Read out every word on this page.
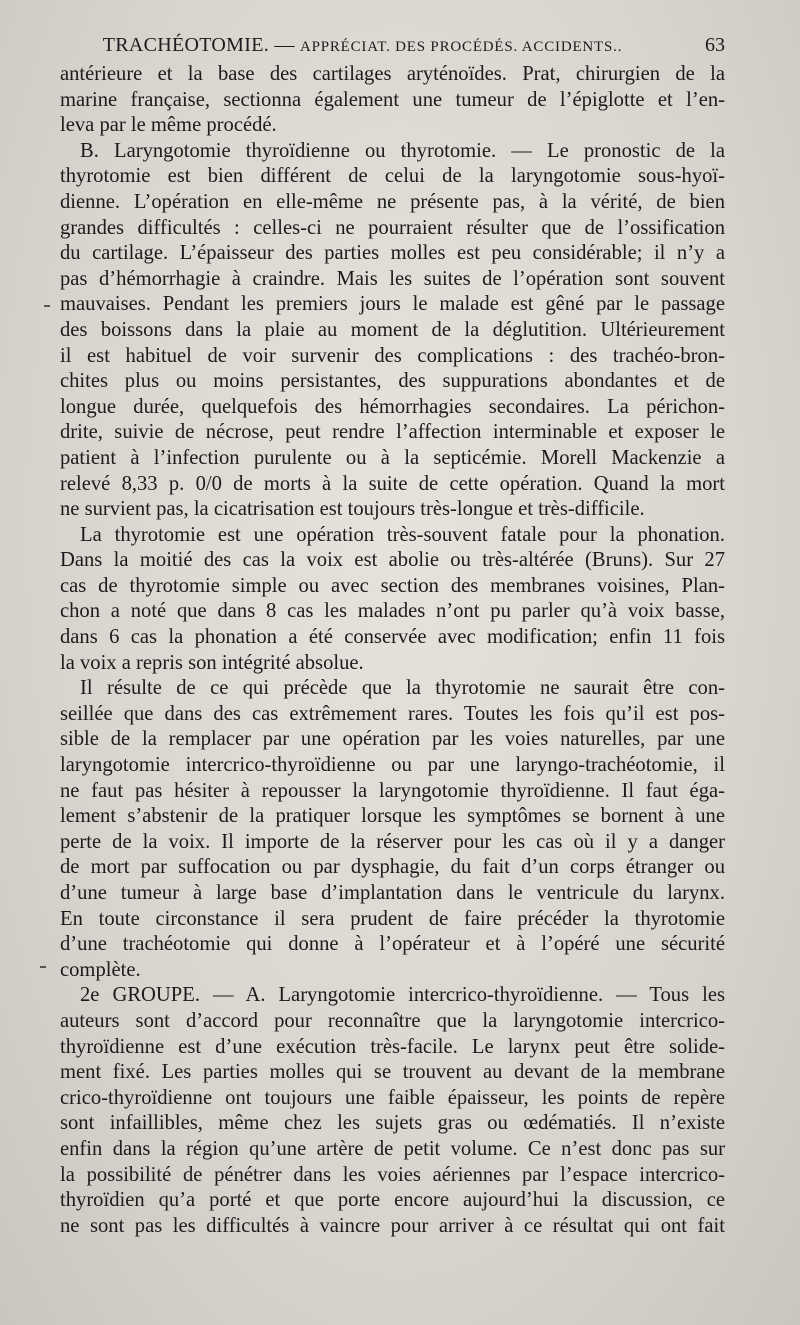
TRACHÉOTOMIE. — APPRÉCIAT. DES PROCÉDÉS. ACCIDENTS..	63
antérieure et la base des cartilages aryténoïdes. Prat, chirurgien de la
marine française, sectionna également une tumeur de l’épiglotte et l’en-
leva par le même procédé.
B. Laryngotomie thyroïdienne ou thyrotomie. — Le pronostic de la
thyrotomie est bien différent de celui de la laryngotomie sous-hyoï-
dienne. L’opération en elle-même ne présente pas, à la vérité, de bien
grandes difficultés : celles-ci ne pourraient résulter que de l’ossification
du cartilage. L’épaisseur des parties molles est peu considérable; il n’y a
pas d’hémorrhagie à craindre. Mais les suites de l’opération sont souvent
mauvaises. Pendant les premiers jours le malade est gêné par le passage
des boissons dans la plaie au moment de la déglutition. Ultérieurement
il est habituel de voir survenir des complications : des trachéo-bron-
chites plus ou moins persistantes, des suppurations abondantes et de
longue durée, quelquefois des hémorrhagies secondaires. La périchon-
drite, suivie de nécrose, peut rendre l’affection interminable et exposer le
patient à l’infection purulente ou à la septicémie. Morell Mackenzie a
relevé 8,33 p. 0/0 de morts à la suite de cette opération. Quand la mort
ne survient pas, la cicatrisation est toujours très-longue et très-difficile.
La thyrotomie est une opération très-souvent fatale pour la phonation.
Dans la moitié des cas la voix est abolie ou très-altérée (Bruns). Sur 27
cas de thyrotomie simple ou avec section des membranes voisines, Plan-
chon a noté que dans 8 cas les malades n’ont pu parler qu’à voix basse,
dans 6 cas la phonation a été conservée avec modification; enfin 11 fois
la voix a repris son intégrité absolue.
Il résulte de ce qui précède que la thyrotomie ne saurait être con-
seillée que dans des cas extrêmement rares. Toutes les fois qu’il est pos-
sible de la remplacer par une opération par les voies naturelles, par une
laryngotomie intercrico-thyroïdienne ou par une laryngo-trachéotomie, il
ne faut pas hésiter à repousser la laryngotomie thyroïdienne. Il faut éga-
lement s’abstenir de la pratiquer lorsque les symptômes se bornent à une
perte de la voix. Il importe de la réserver pour les cas où il y a danger
de mort par suffocation ou par dysphagie, du fait d’un corps étranger ou
d’une tumeur à large base d’implantation dans le ventricule du larynx.
En toute circonstance il sera prudent de faire précéder la thyrotomie
d’une trachéotomie qui donne à l’opérateur et à l’opéré une sécurité
complète.
2e GROUPE. — A. Laryngotomie intercrico-thyroïdienne. — Tous les
auteurs sont d’accord pour reconnaître que la laryngotomie intercrico-
thyroïdienne est d’une exécution très-facile. Le larynx peut être solide-
ment fixé. Les parties molles qui se trouvent au devant de la membrane
crico-thyroïdienne ont toujours une faible épaisseur, les points de repère
sont infaillibles, même chez les sujets gras ou œdématiés. Il n’existe
enfin dans la région qu’une artère de petit volume. Ce n’est donc pas sur
la possibilité de pénétrer dans les voies aériennes par l’espace intercrico-
thyroïdien qu’a porté et que porte encore aujourd’hui la discussion, ce
ne sont pas les difficultés à vaincre pour arriver à ce résultat qui ont fait
